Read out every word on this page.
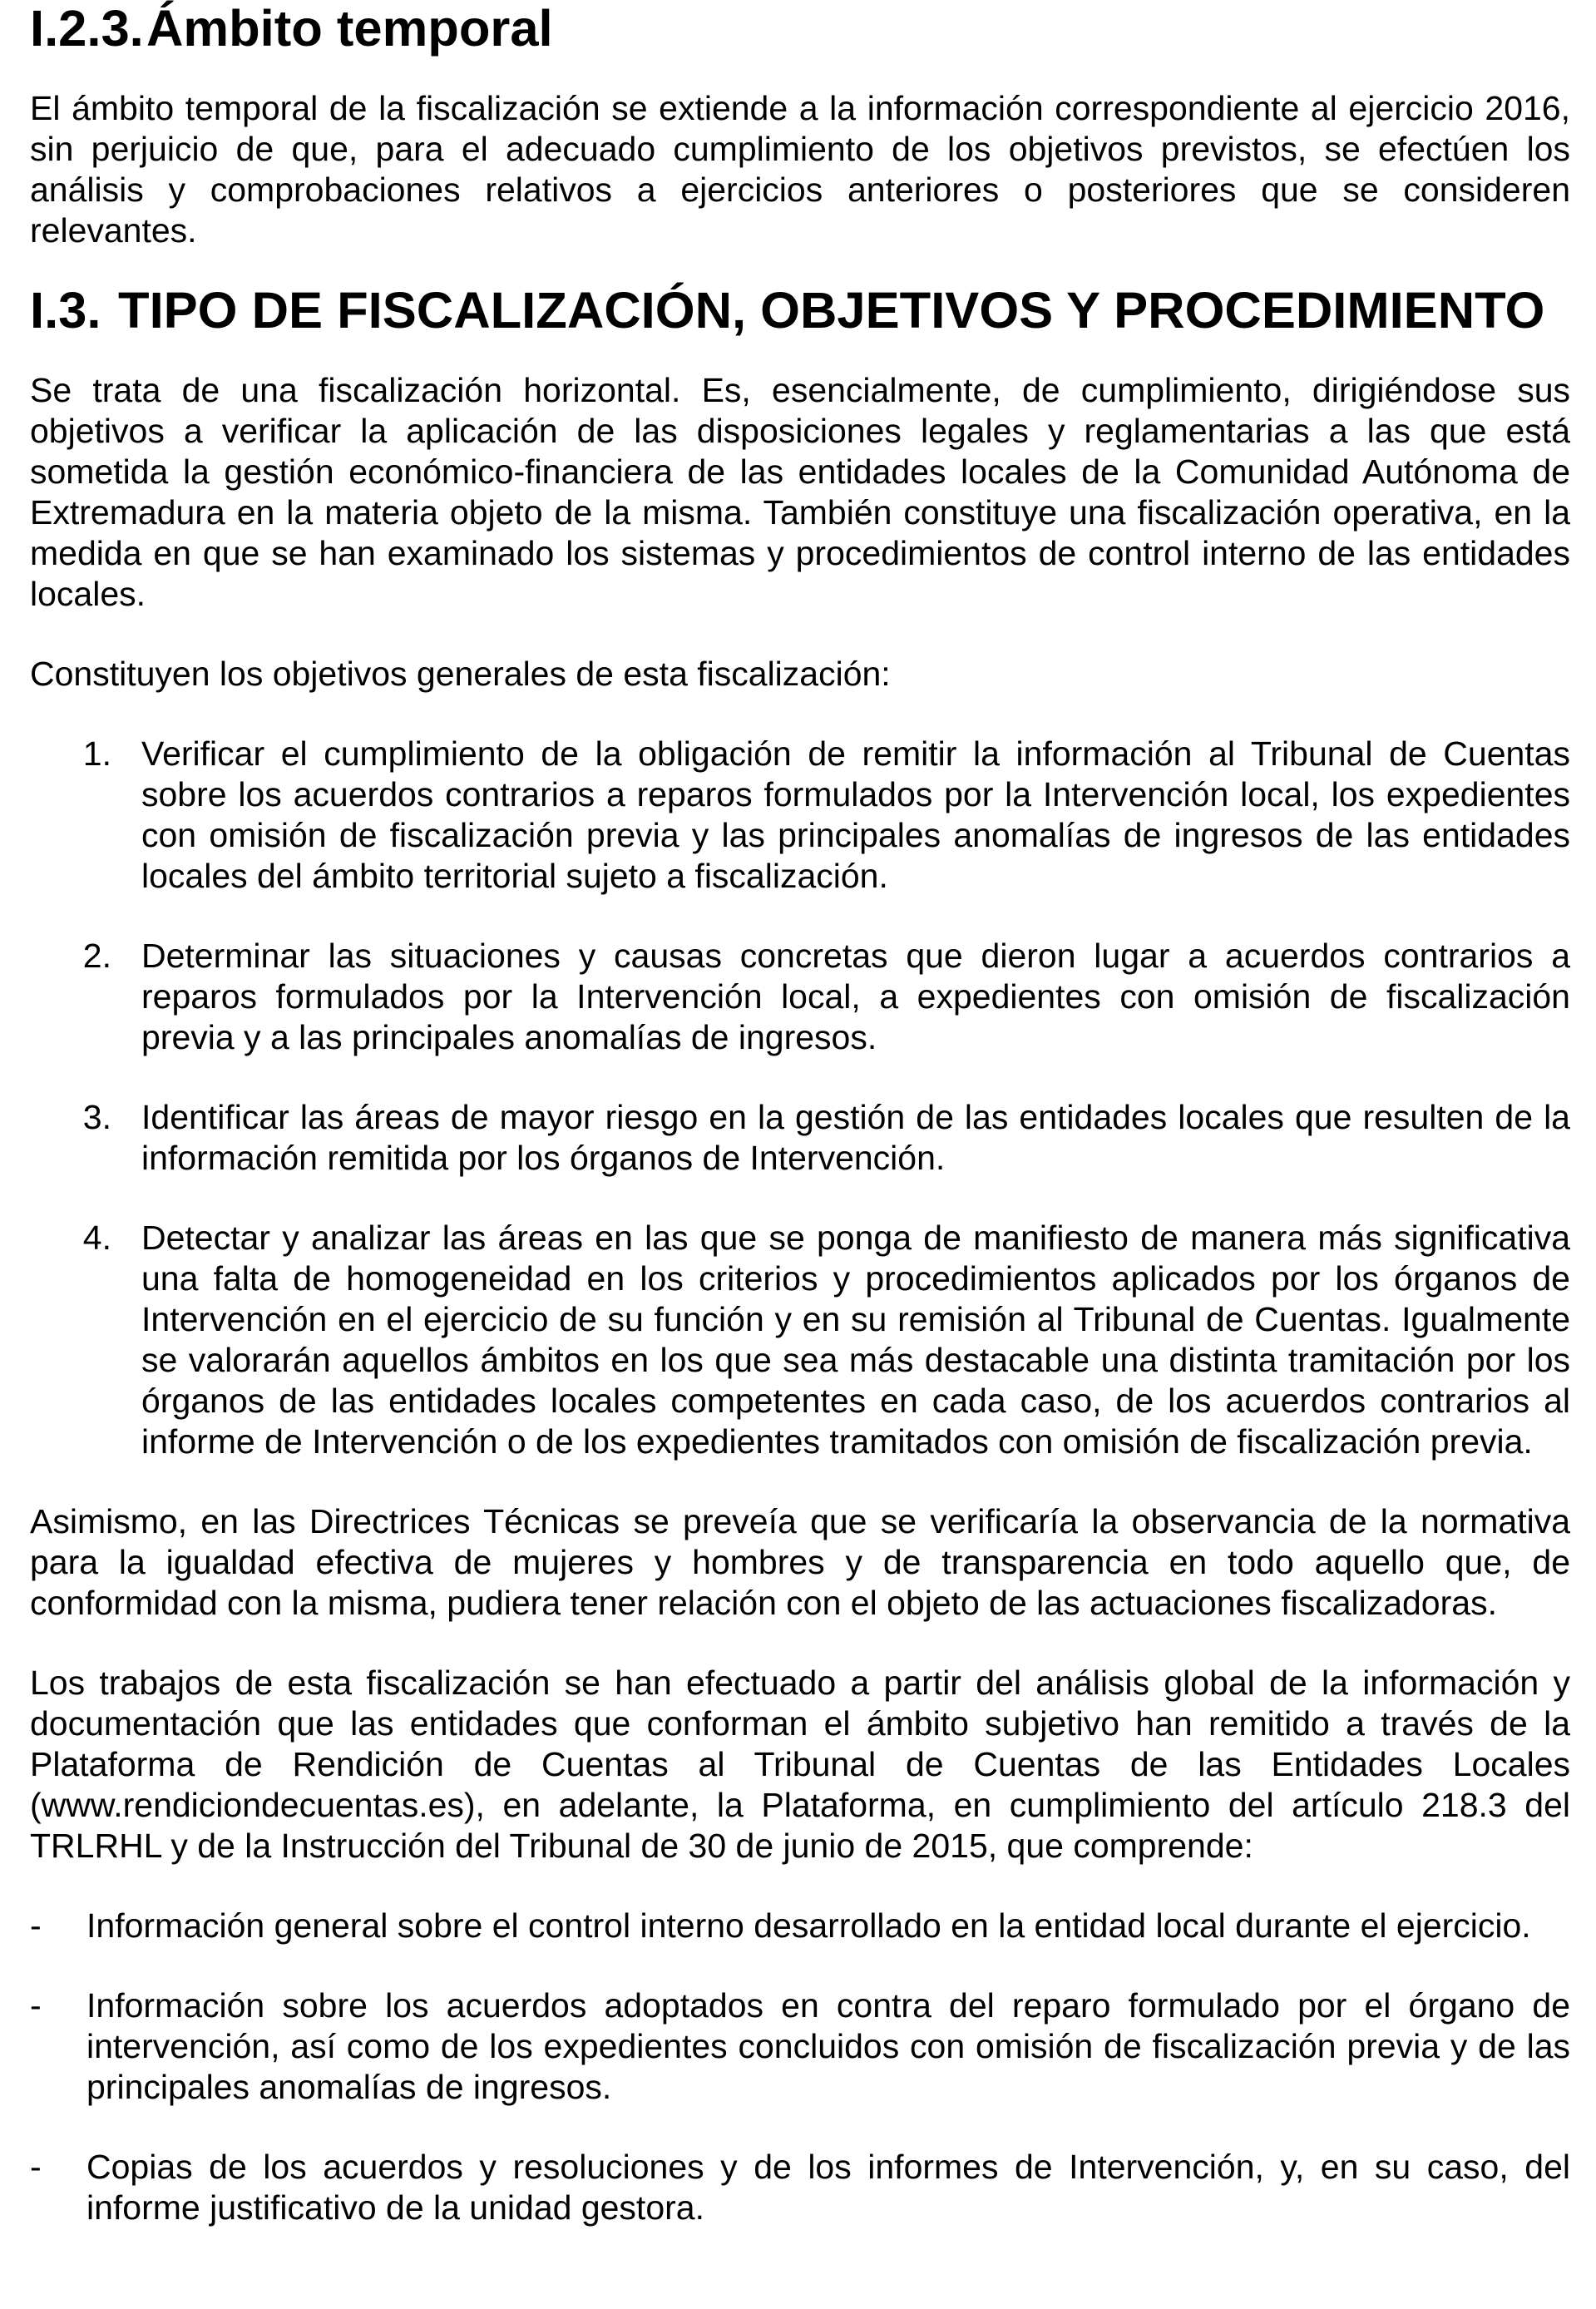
I.2.3. Ámbito temporal

El ámbito temporal de la fiscalización se extiende a la información correspondiente al ejercicio 2016, sin perjuicio de que, para el adecuado cumplimiento de los objetivos previstos, se efectúen los análisis y comprobaciones relativos a ejercicios anteriores o posteriores que se consideren relevantes.

I.3. TIPO DE FISCALIZACIÓN, OBJETIVOS Y PROCEDIMIENTO

Se trata de una fiscalización horizontal. Es, esencialmente, de cumplimiento, dirigiéndose sus objetivos a verificar la aplicación de las disposiciones legales y reglamentarias a las que está sometida la gestión económico-financiera de las entidades locales de la Comunidad Autónoma de Extremadura en la materia objeto de la misma. También constituye una fiscalización operativa, en la medida en que se han examinado los sistemas y procedimientos de control interno de las entidades locales.

Constituyen los objetivos generales de esta fiscalización:

1. Verificar el cumplimiento de la obligación de remitir la información al Tribunal de Cuentas sobre los acuerdos contrarios a reparos formulados por la Intervención local, los expedientes con omisión de fiscalización previa y las principales anomalías de ingresos de las entidades locales del ámbito territorial sujeto a fiscalización.
2. Determinar las situaciones y causas concretas que dieron lugar a acuerdos contrarios a reparos formulados por la Intervención local, a expedientes con omisión de fiscalización previa y a las principales anomalías de ingresos.
3. Identificar las áreas de mayor riesgo en la gestión de las entidades locales que resulten de la información remitida por los órganos de Intervención.
4. Detectar y analizar las áreas en las que se ponga de manifiesto de manera más significativa una falta de homogeneidad en los criterios y procedimientos aplicados por los órganos de Intervención en el ejercicio de su función y en su remisión al Tribunal de Cuentas. Igualmente se valorarán aquellos ámbitos en los que sea más destacable una distinta tramitación por los órganos de las entidades locales competentes en cada caso, de los acuerdos contrarios al informe de Intervención o de los expedientes tramitados con omisión de fiscalización previa.

Asimismo, en las Directrices Técnicas se preveía que se verificaría la observancia de la normativa para la igualdad efectiva de mujeres y hombres y de transparencia en todo aquello que, de conformidad con la misma, pudiera tener relación con el objeto de las actuaciones fiscalizadoras.

Los trabajos de esta fiscalización se han efectuado a partir del análisis global de la información y documentación que las entidades que conforman el ámbito subjetivo han remitido a través de la Plataforma de Rendición de Cuentas al Tribunal de Cuentas de las Entidades Locales (www.rendiciondecuentas.es), en adelante, la Plataforma, en cumplimiento del artículo 218.3 del TRLRHL y de la Instrucción del Tribunal de 30 de junio de 2015, que comprende:

-	Información general sobre el control interno desarrollado en la entidad local durante el ejercicio.
-	Información sobre los acuerdos adoptados en contra del reparo formulado por el órgano de intervención, así como de los expedientes concluidos con omisión de fiscalización previa y de las principales anomalías de ingresos.
-	Copias de los acuerdos y resoluciones y de los informes de Intervención, y, en su caso, del informe justificativo de la unidad gestora.
